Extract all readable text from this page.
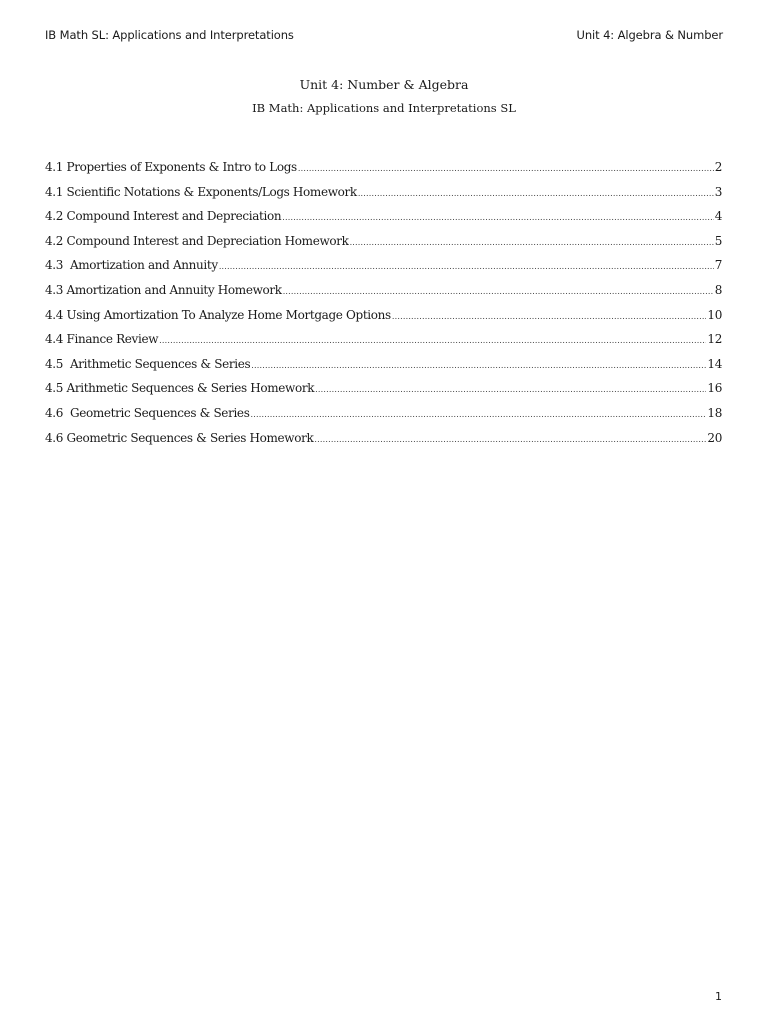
IB Math SL: Applications and Interpretations	Unit 4: Algebra & Number
Unit 4: Number & Algebra
IB Math: Applications and Interpretations SL
4.1 Properties of Exponents & Intro to Logs .....	2
4.1 Scientific Notations & Exponents/Logs Homework .....	3
4.2 Compound Interest and Depreciation .....	4
4.2 Compound Interest and Depreciation Homework .....	5
4.3  Amortization and Annuity .....	7
4.3 Amortization and Annuity Homework .....	8
4.4 Using Amortization To Analyze Home Mortgage Options .....	10
4.4 Finance Review .....	12
4.5  Arithmetic Sequences & Series .....	14
4.5 Arithmetic Sequences & Series Homework .....	16
4.6  Geometric Sequences & Series .....	18
4.6 Geometric Sequences & Series Homework .....	20
1
